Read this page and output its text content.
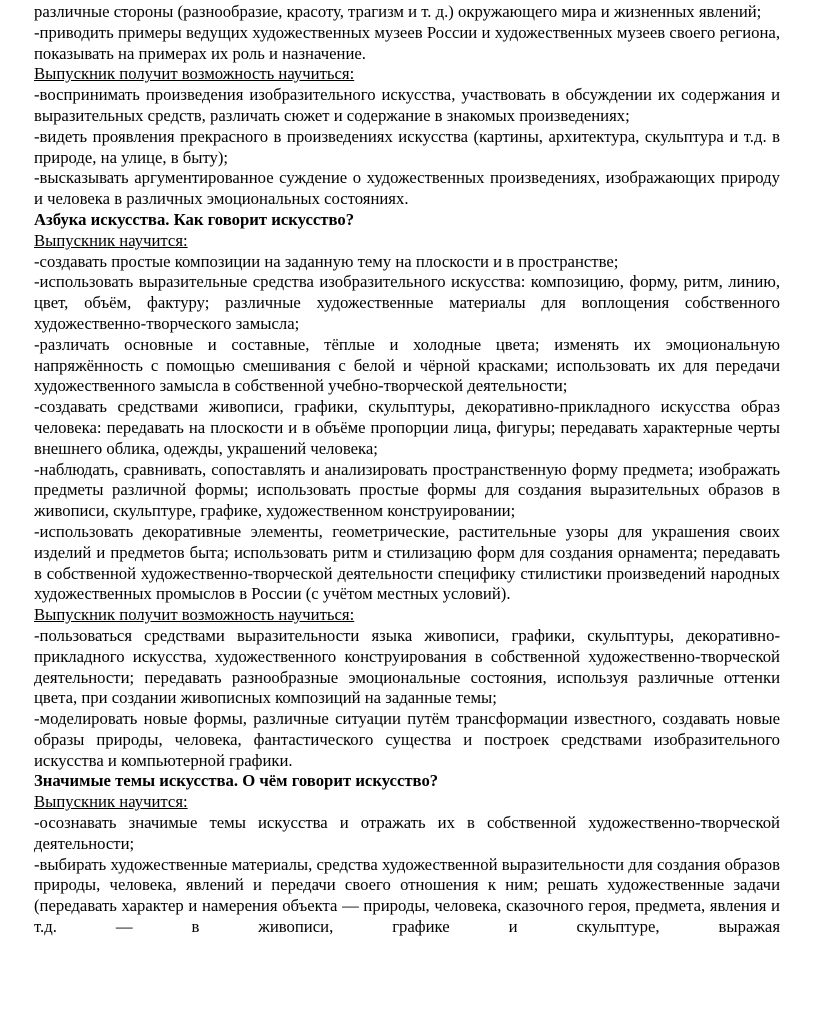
различные стороны (разнообразие, красоту, трагизм и т. д.) окружающего мира и жизненных явлений;

-приводить примеры ведущих художественных музеев России и художественных музеев своего региона, показывать на примерах их роль и назначение.

Выпускник получит возможность научиться:

-воспринимать произведения изобразительного искусства, участвовать в обсуждении их содержания и выразительных средств, различать сюжет и содержание в знакомых произведениях;

-видеть проявления прекрасного в произведениях искусства (картины, архитектура, скульптура и т.д. в природе, на улице, в быту);

-высказывать аргументированное суждение о художественных произведениях, изображающих природу и человека в различных эмоциональных состояниях.

Азбука искусства. Как говорит искусство?

Выпускник научится:

-создавать простые композиции на заданную тему на плоскости и в пространстве;

-использовать выразительные средства изобразительного искусства: композицию, форму, ритм, линию, цвет, объём, фактуру; различные художественные материалы для воплощения собственного художественно-творческого замысла;

-различать основные и составные, тёплые и холодные цвета; изменять их эмоциональную напряжённость с помощью смешивания с белой и чёрной красками; использовать их для передачи художественного замысла в собственной учебно-творческой деятельности;

-создавать средствами живописи, графики, скульптуры, декоративно-прикладного искусства образ человека: передавать на плоскости и в объёме пропорции лица, фигуры; передавать характерные черты внешнего облика, одежды, украшений человека;

-наблюдать, сравнивать, сопоставлять и анализировать пространственную форму предмета; изображать предметы различной формы; использовать простые формы для создания выразительных образов в живописи, скульптуре, графике, художественном конструировании;

-использовать декоративные элементы, геометрические, растительные узоры для украшения своих изделий и предметов быта; использовать ритм и стилизацию форм для создания орнамента; передавать в собственной художественно-творческой деятельности специфику стилистики произведений народных художественных промыслов в России (с учётом местных условий).

Выпускник получит возможность научиться:

-пользоваться средствами выразительности языка живописи, графики, скульптуры, декоративно-прикладного искусства, художественного конструирования в собственной художественно-творческой деятельности; передавать разнообразные эмоциональные состояния, используя различные оттенки цвета, при создании живописных композиций на заданные темы;

-моделировать новые формы, различные ситуации путём трансформации известного, создавать новые образы природы, человека, фантастического существа и построек средствами изобразительного искусства и компьютерной графики.

Значимые темы искусства. О чём говорит искусство?

Выпускник научится:

-осознавать значимые темы искусства и отражать их в собственной художественно-творческой деятельности;

-выбирать художественные материалы, средства художественной выразительности для создания образов природы, человека, явлений и передачи своего отношения к ним; решать художественные задачи (передавать характер и намерения объекта — природы, человека, сказочного героя, предмета, явления и т.д. — в живописи, графике и скульптуре, выражая
